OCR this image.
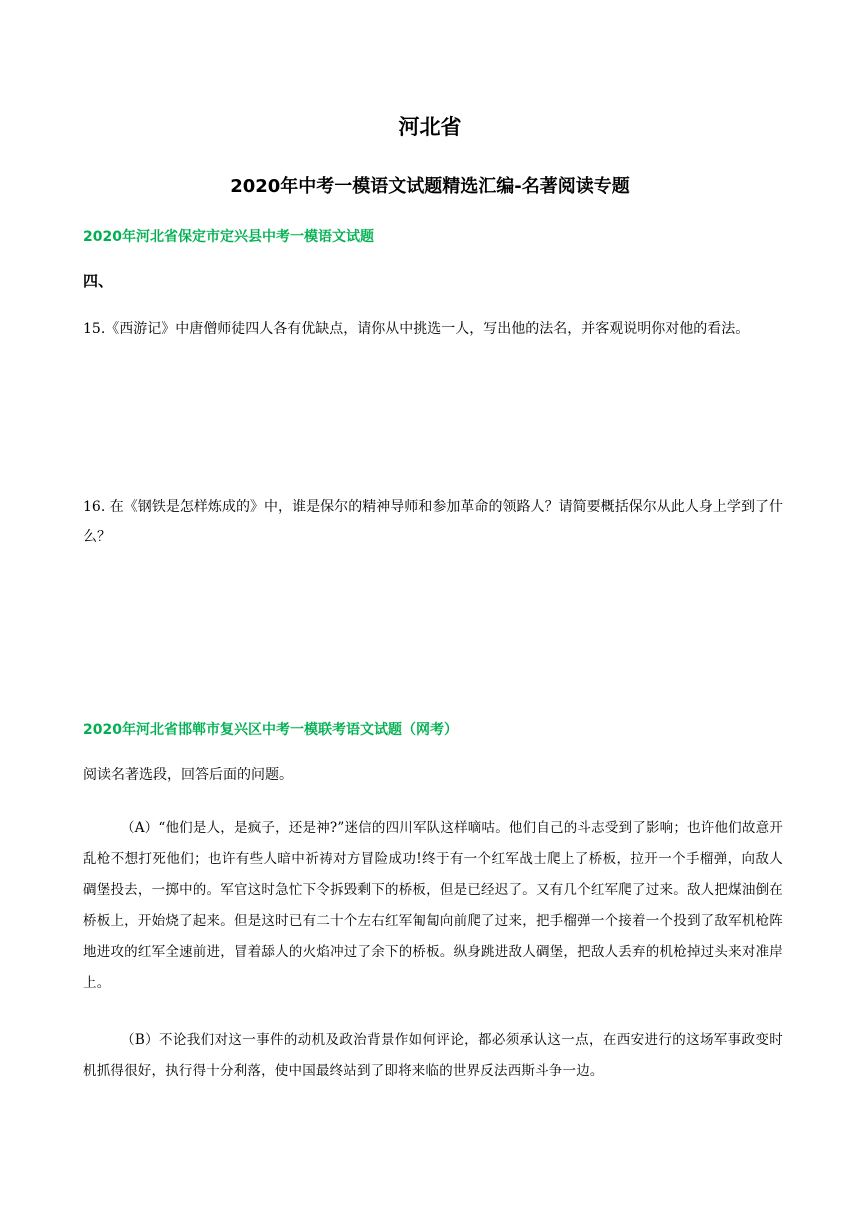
河北省
2020年中考一模语文试题精选汇编-名著阅读专题
2020年河北省保定市定兴县中考一模语文试题
四、
15.《西游记》中唐僧师徒四人各有优缺点，请你从中挑选一人，写出他的法名，并客观说明你对他的看法。
16. 在《钢铁是怎样炼成的》中，谁是保尔的精神导师和参加革命的领路人？请简要概括保尔从此人身上学到了什么？
2020年河北省邯郸市复兴区中考一模联考语文试题（网考）
阅读名著选段，回答后面的问题。
（A）“他们是人，是疯子，还是神?”迷信的四川军队这样嘀咕。他们自己的斗志受到了影响；也许他们故意开乱枪不想打死他们；也许有些人暗中祈祷对方冒险成功!终于有一个红军战士爬上了桥板，拉开一个手榴弹，向敌人碉堡投去，一掷中的。军官这时急忙下令拆毁剩下的桥板，但是已经迟了。又有几个红军爬了过来。敌人把煤油倒在桥板上，开始烧了起来。但是这时已有二十个左右红军匍匐向前爬了过来，把手榴弹一个接着一个投到了敌军机枪阵地进攻的红军全速前进，冒着舔人的火焰冲过了余下的桥板。纵身跳进敌人碉堡，把敌人丢弃的机枪掉过头来对准岸上。
（B）不论我们对这一事件的动机及政治背景作如何评论，都必须承认这一点，在西安进行的这场军事政变时机抓得很好，执行得十分利落，使中国最终站到了即将来临的世界反法西斯斗争一边。
